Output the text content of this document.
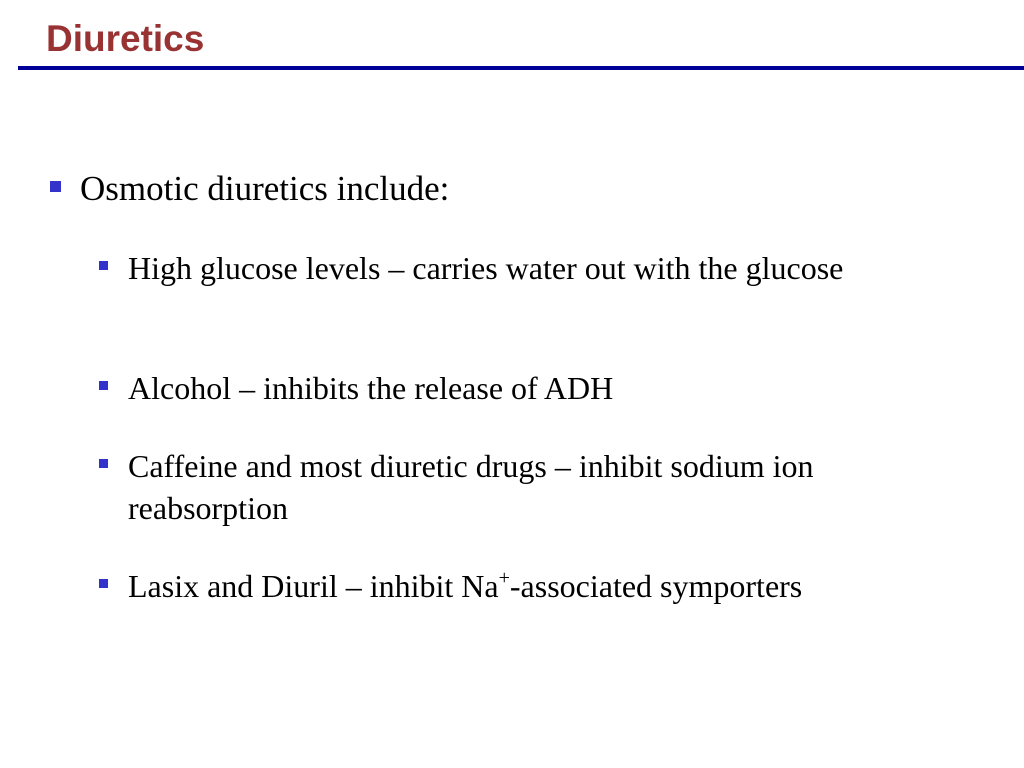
Diuretics
Osmotic diuretics include:
High glucose levels – carries water out with the glucose
Alcohol – inhibits the release of ADH
Caffeine and most diuretic drugs – inhibit sodium ion reabsorption
Lasix and Diuril – inhibit Na+-associated symporters
